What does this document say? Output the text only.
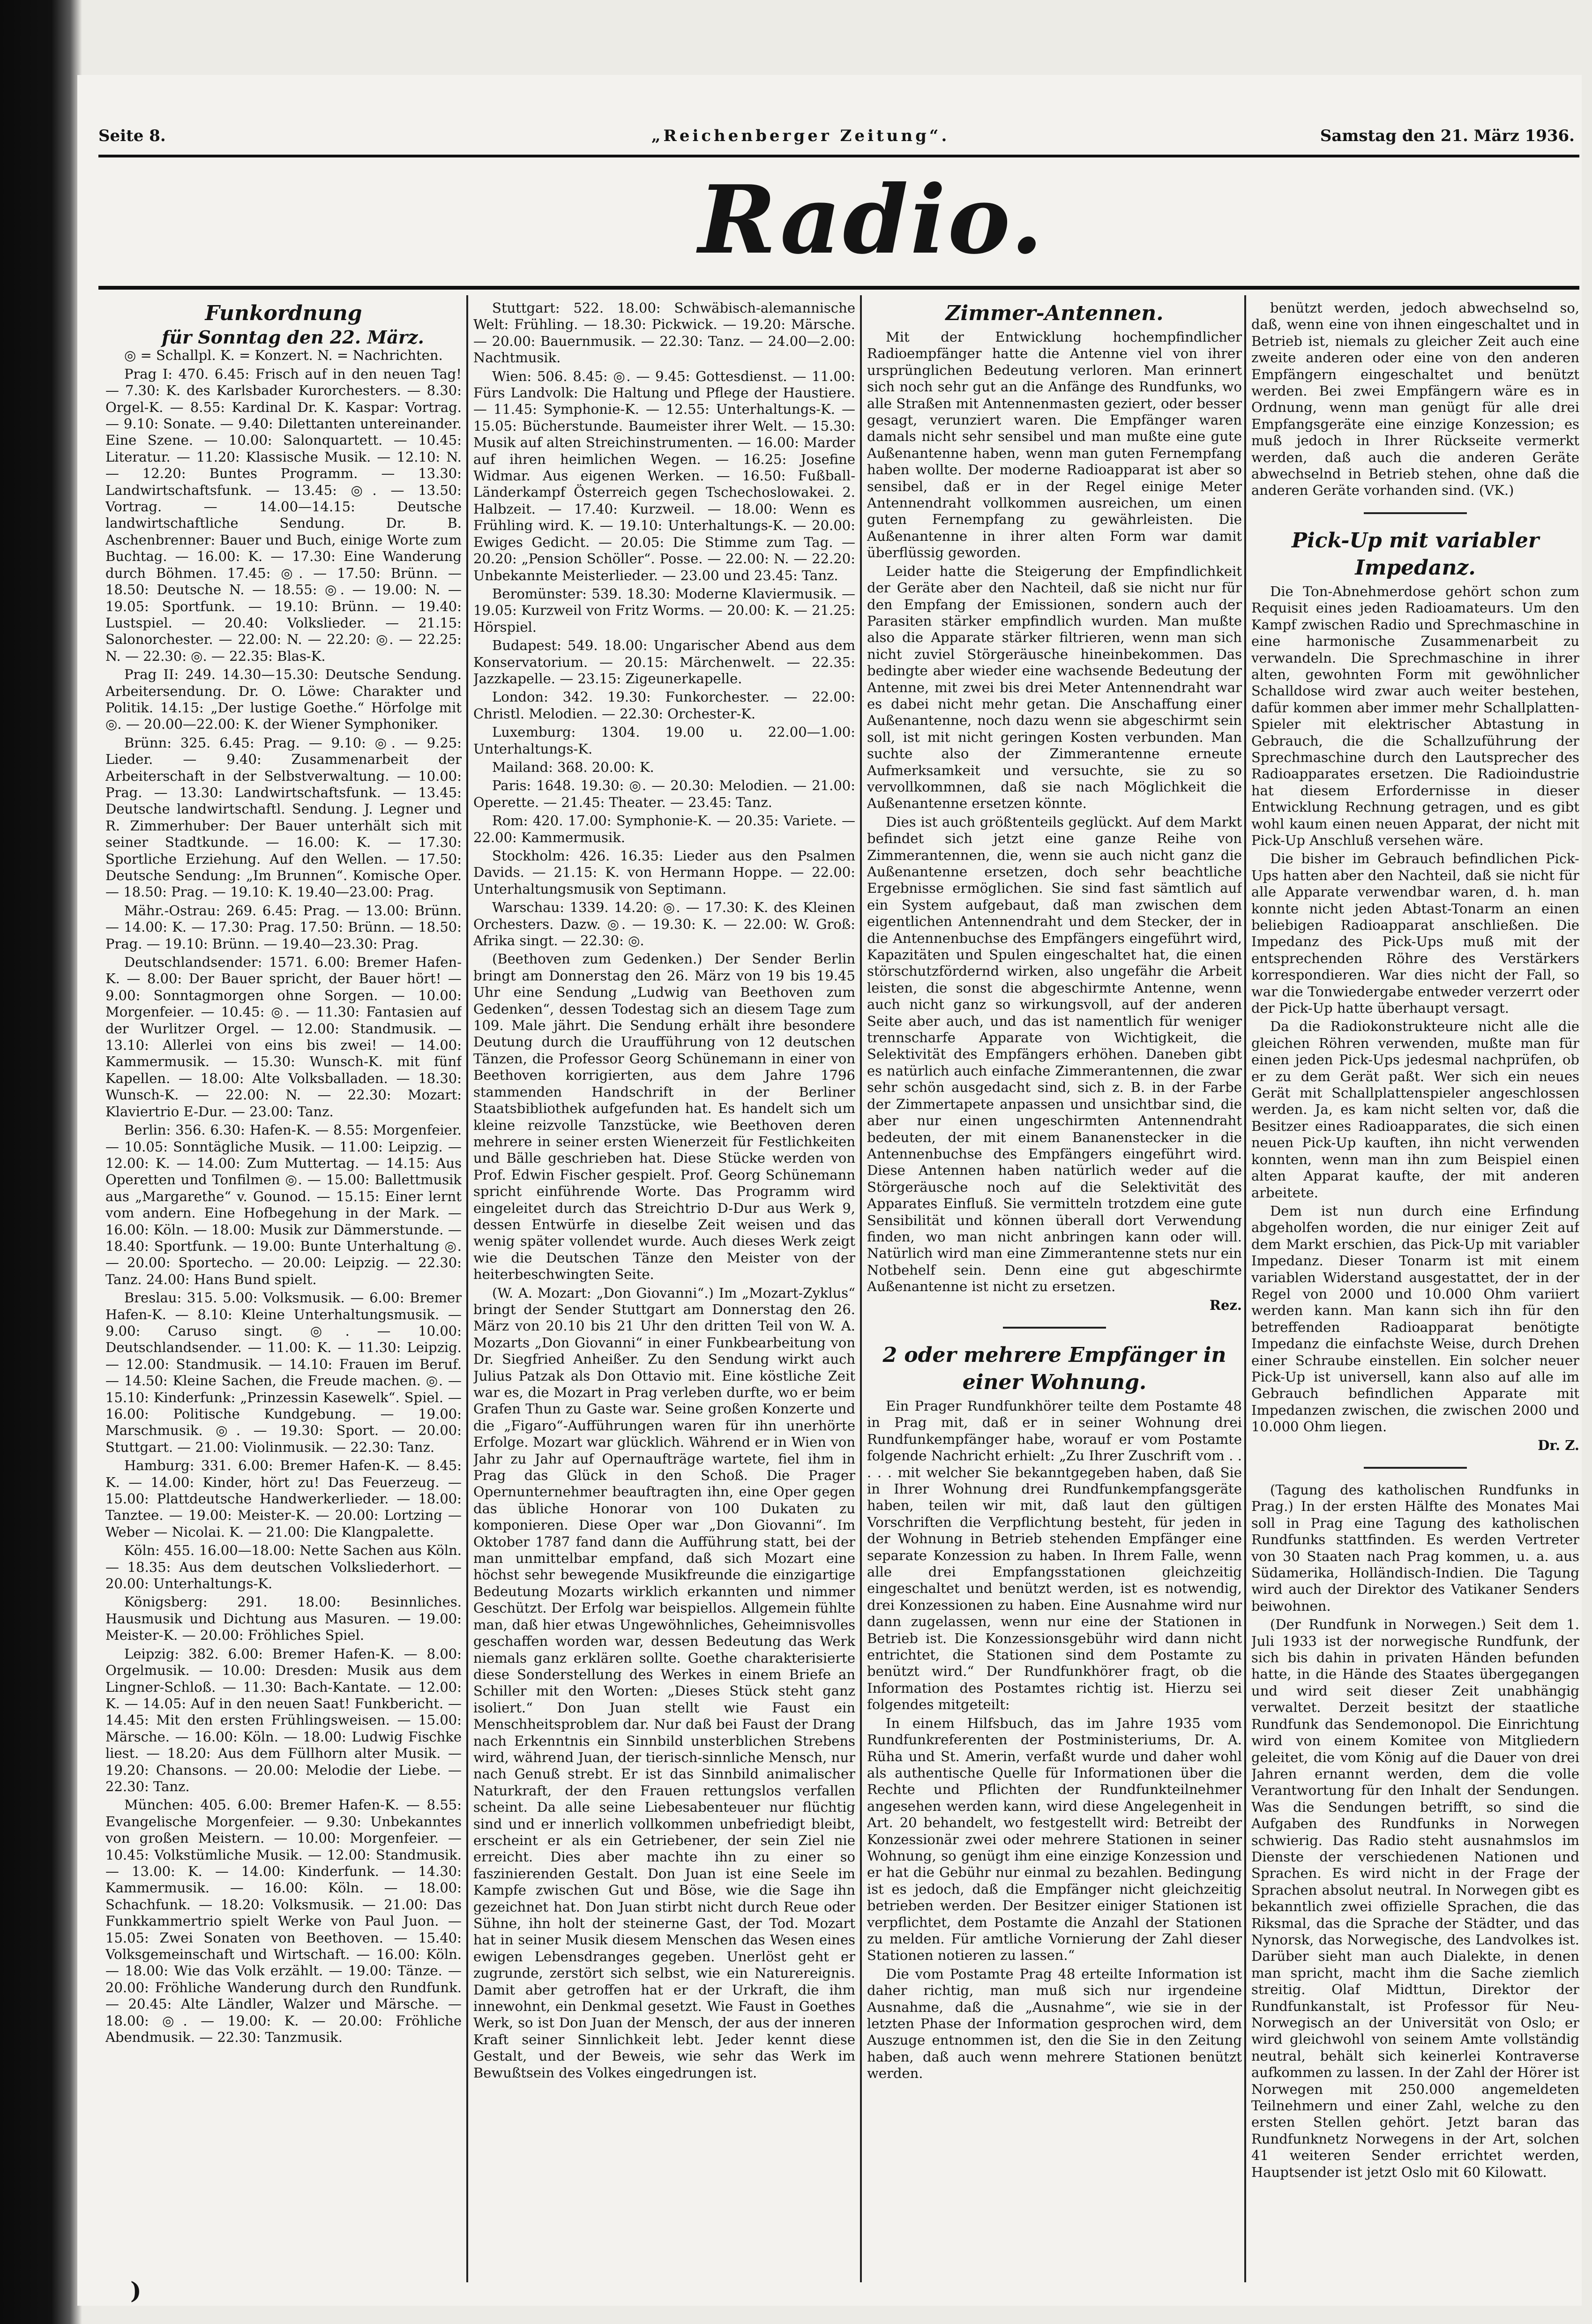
Seite 8.	„Reichenberger Zeitung“.	Samstag den 21. März 1936.
Radio.

Funkordnung

für Sonntag den 22. März.

◎ = Schallpl. K. = Konzert. N. = Nachrichten.

Prag I: 470. 6.45: Frisch auf in den neuen Tag! — 7.30: K. des Karlsbader Kurorchesters. — 8.30: Orgel-K. — 8.55: Kardinal Dr. K. Kaspar: Vortrag. — 9.10: Sonate. — 9.40: Dilettanten untereinander. Eine Szene. — 10.00: Salonquartett. — 10.45: Literatur. — 11.20: Klassische Musik. — 12.10: N. — 12.20: Buntes Programm. — 13.30: Landwirtschaftsfunk. — 13.45: ◎. — 13.50: Vortrag. — 14.00—14.15: Deutsche landwirtschaftliche Sendung. Dr. B. Aschenbrenner: Bauer und Buch, einige Worte zum Buchtag. — 16.00: K. — 17.30: Eine Wanderung durch Böhmen. 17.45: ◎. — 17.50: Brünn. — 18.50: Deutsche N. — 18.55: ◎. — 19.00: N. — 19.05: Sportfunk. — 19.10: Brünn. — 19.40: Lustspiel. — 20.40: Volkslieder. — 21.15: Salonorchester. — 22.00: N. — 22.20: ◎. — 22.25: N. — 22.30: ◎. — 22.35: Blas-K.

Prag II: 249. 14.30—15.30: Deutsche Sendung. Arbeitersendung. Dr. O. Löwe: Charakter und Politik. 14.15: „Der lustige Goethe.“ Hörfolge mit ◎. — 20.00—22.00: K. der Wiener Symphoniker.

Brünn: 325. 6.45: Prag. — 9.10: ◎. — 9.25: Lieder. — 9.40: Zusammenarbeit der Arbeiterschaft in der Selbstverwaltung. — 10.00: Prag. — 13.30: Landwirtschaftsfunk. — 13.45: Deutsche landwirtschaftl. Sendung. J. Legner und R. Zimmerhuber: Der Bauer unterhält sich mit seiner Stadtkunde. — 16.00: K. — 17.30: Sportliche Erziehung. Auf den Wellen. — 17.50: Deutsche Sendung: „Im Brunnen“. Komische Oper. — 18.50: Prag. — 19.10: K. 19.40—23.00: Prag.

Mähr.-Ostrau: 269. 6.45: Prag. — 13.00: Brünn. — 14.00: K. — 17.30: Prag. 17.50: Brünn. — 18.50: Prag. — 19.10: Brünn. — 19.40—23.30: Prag.

Deutschlandsender: 1571. 6.00: Bremer Hafen-K. — 8.00: Der Bauer spricht, der Bauer hört! — 9.00: Sonntagmorgen ohne Sorgen. — 10.00: Morgenfeier. — 10.45: ◎. — 11.30: Fantasien auf der Wurlitzer Orgel. — 12.00: Standmusik. — 13.10: Allerlei von eins bis zwei! — 14.00: Kammermusik. — 15.30: Wunsch-K. mit fünf Kapellen. — 18.00: Alte Volksballaden. — 18.30: Wunsch-K. — 22.00: N. — 22.30: Mozart: Klaviertrio E-Dur. — 23.00: Tanz.

Berlin: 356. 6.30: Hafen-K. — 8.55: Morgenfeier. — 10.05: Sonntägliche Musik. — 11.00: Leipzig. — 12.00: K. — 14.00: Zum Muttertag. — 14.15: Aus Operetten und Tonfilmen ◎. — 15.00: Ballettmusik aus „Margarethe“ v. Gounod. — 15.15: Einer lernt vom andern. Eine Hofbegehung in der Mark. — 16.00: Köln. — 18.00: Musik zur Dämmerstunde. — 18.40: Sportfunk. — 19.00: Bunte Unterhaltung ◎. — 20.00: Sportecho. — 20.00: Leipzig. — 22.30: Tanz. 24.00: Hans Bund spielt.

Breslau: 315. 5.00: Volksmusik. — 6.00: Bremer Hafen-K. — 8.10: Kleine Unterhaltungsmusik. — 9.00: Caruso singt. ◎. — 10.00: Deutschlandsender. — 11.00: K. — 11.30: Leipzig. — 12.00: Standmusik. — 14.10: Frauen im Beruf. — 14.50: Kleine Sachen, die Freude machen. ◎. — 15.10: Kinderfunk: „Prinzessin Kasewelk“. Spiel. — 16.00: Politische Kundgebung. — 19.00: Marschmusik. ◎. — 19.30: Sport. — 20.00: Stuttgart. — 21.00: Violinmusik. — 22.30: Tanz.

Hamburg: 331. 6.00: Bremer Hafen-K. — 8.45: K. — 14.00: Kinder, hört zu! Das Feuerzeug. — 15.00: Plattdeutsche Handwerkerlieder. — 18.00: Tanztee. — 19.00: Meister-K. — 20.00: Lortzing — Weber — Nicolai. K. — 21.00: Die Klangpalette.

Köln: 455. 16.00—18.00: Nette Sachen aus Köln. — 18.35: Aus dem deutschen Volksliederhort. — 20.00: Unterhaltungs-K.

Königsberg: 291. 18.00: Besinnliches. Hausmusik und Dichtung aus Masuren. — 19.00: Meister-K. — 20.00: Fröhliches Spiel.

Leipzig: 382. 6.00: Bremer Hafen-K. — 8.00: Orgelmusik. — 10.00: Dresden: Musik aus dem Lingner-Schloß. — 11.30: Bach-Kantate. — 12.00: K. — 14.05: Auf in den neuen Saat! Funkbericht. — 14.45: Mit den ersten Frühlingsweisen. — 15.00: Märsche. — 16.00: Köln. — 18.00: Ludwig Fischke liest. — 18.20: Aus dem Füllhorn alter Musik. — 19.20: Chansons. — 20.00: Melodie der Liebe. — 22.30: Tanz.

München: 405. 6.00: Bremer Hafen-K. — 8.55: Evangelische Morgenfeier. — 9.30: Unbekanntes von großen Meistern. — 10.00: Morgenfeier. — 10.45: Volkstümliche Musik. — 12.00: Standmusik. — 13.00: K. — 14.00: Kinderfunk. — 14.30: Kammermusik. — 16.00: Köln. — 18.00: Schachfunk. — 18.20: Volksmusik. — 21.00: Das Funkkammertrio spielt Werke von Paul Juon. — 15.05: Zwei Sonaten von Beethoven. — 15.40: Volksgemeinschaft und Wirtschaft. — 16.00: Köln. — 18.00: Wie das Volk erzählt. — 19.00: Tänze. — 20.00: Fröhliche Wanderung durch den Rundfunk. — 20.45: Alte Ländler, Walzer und Märsche. — 18.00: ◎. — 19.00: K. — 20.00: Fröhliche Abendmusik. — 22.30: Tanzmusik.

Stuttgart: 522. 18.00: Schwäbisch-alemannische Welt: Frühling. — 18.30: Pickwick. — 19.20: Märsche. — 20.00: Bauernmusik. — 22.30: Tanz. — 24.00—2.00: Nachtmusik.

Wien: 506. 8.45: ◎. — 9.45: Gottesdienst. — 11.00: Fürs Landvolk: Die Haltung und Pflege der Haustiere. — 11.45: Symphonie-K. — 12.55: Unterhaltungs-K. — 15.05: Bücherstunde. Baumeister ihrer Welt. — 15.30: Musik auf alten Streichinstrumenten. — 16.00: Marder auf ihren heimlichen Wegen. — 16.25: Josefine Widmar. Aus eigenen Werken. — 16.50: Fußball-Länderkampf Österreich gegen Tschechoslowakei. 2. Halbzeit. — 17.40: Kurzweil. — 18.00: Wenn es Frühling wird. K. — 19.10: Unterhaltungs-K. — 20.00: Ewiges Gedicht. — 20.05: Die Stimme zum Tag. — 20.20: „Pension Schöller“. Posse. — 22.00: N. — 22.20: Unbekannte Meisterlieder. — 23.00 und 23.45: Tanz.

Beromünster: 539. 18.30: Moderne Klaviermusik. — 19.05: Kurzweil von Fritz Worms. — 20.00: K. — 21.25: Hörspiel.

Budapest: 549. 18.00: Ungarischer Abend aus dem Konservatorium. — 20.15: Märchenwelt. — 22.35: Jazzkapelle. — 23.15: Zigeunerkapelle.

London: 342. 19.30: Funkorchester. — 22.00: Christl. Melodien. — 22.30: Orchester-K.

Luxemburg: 1304. 19.00 u. 22.00—1.00: Unterhaltungs-K.

Mailand: 368. 20.00: K.

Paris: 1648. 19.30: ◎. — 20.30: Melodien. — 21.00: Operette. — 21.45: Theater. — 23.45: Tanz.

Rom: 420. 17.00: Symphonie-K. — 20.35: Variete. — 22.00: Kammermusik.

Stockholm: 426. 16.35: Lieder aus den Psalmen Davids. — 21.15: K. von Hermann Hoppe. — 22.00: Unterhaltungsmusik von Septimann.

Warschau: 1339. 14.20: ◎. — 17.30: K. des Kleinen Orchesters. Dazw. ◎. — 19.30: K. — 22.00: W. Groß: Afrika singt. — 22.30: ◎.

(Beethoven zum Gedenken.) Der Sender Berlin bringt am Donnerstag den 26. März von 19 bis 19.45 Uhr eine Sendung „Ludwig van Beethoven zum Gedenken“, dessen Todestag sich an diesem Tage zum 109. Male jährt. Die Sendung erhält ihre besondere Deutung durch die Uraufführung von 12 deutschen Tänzen, die Professor Georg Schünemann in einer von Beethoven korrigierten, aus dem Jahre 1796 stammenden Handschrift in der Berliner Staatsbibliothek aufgefunden hat. Es handelt sich um kleine reizvolle Tanzstücke, wie Beethoven deren mehrere in seiner ersten Wienerzeit für Festlichkeiten und Bälle geschrieben hat. Diese Stücke werden von Prof. Edwin Fischer gespielt. Prof. Georg Schünemann spricht einführende Worte. Das Programm wird eingeleitet durch das Streichtrio D-Dur aus Werk 9, dessen Entwürfe in dieselbe Zeit weisen und das wenig später vollendet wurde. Auch dieses Werk zeigt wie die Deutschen Tänze den Meister von der heiterbeschwingten Seite.

(W. A. Mozart: „Don Giovanni“.) Im „Mozart-Zyklus“ bringt der Sender Stuttgart am Donnerstag den 26. März von 20.10 bis 21 Uhr den dritten Teil von W. A. Mozarts „Don Giovanni“ in einer Funkbearbeitung von Dr. Siegfried Anheißer. Zu den Sendung wirkt auch Julius Patzak als Don Ottavio mit. Eine köstliche Zeit war es, die Mozart in Prag verleben durfte, wo er beim Grafen Thun zu Gaste war. Seine großen Konzerte und die „Figaro“-Aufführungen waren für ihn unerhörte Erfolge. Mozart war glücklich. Während er in Wien von Jahr zu Jahr auf Opernaufträge wartete, fiel ihm in Prag das Glück in den Schoß. Die Prager Opernunternehmer beauftragten ihn, eine Oper gegen das übliche Honorar von 100 Dukaten zu komponieren. Diese Oper war „Don Giovanni“. Im Oktober 1787 fand dann die Aufführung statt, bei der man unmittelbar empfand, daß sich Mozart eine höchst sehr bewegende Musikfreunde die einzigartige Bedeutung Mozarts wirklich erkannten und nimmer Geschützt. Der Erfolg war beispiellos. Allgemein fühlte man, daß hier etwas Ungewöhnliches, Geheimnisvolles geschaffen worden war, dessen Bedeutung das Werk niemals ganz erklären sollte. Goethe charakterisierte diese Sonderstellung des Werkes in einem Briefe an Schiller mit den Worten: „Dieses Stück steht ganz isoliert.“ Don Juan stellt wie Faust ein Menschheitsproblem dar. Nur daß bei Faust der Drang nach Erkenntnis ein Sinnbild unsterblichen Strebens wird, während Juan, der tierisch-sinnliche Mensch, nur nach Genuß strebt. Er ist das Sinnbild animalischer Naturkraft, der den Frauen rettungslos verfallen scheint. Da alle seine Liebesabenteuer nur flüchtig sind und er innerlich vollkommen unbefriedigt bleibt, erscheint er als ein Getriebener, der sein Ziel nie erreicht. Dies aber machte ihn zu einer so faszinierenden Gestalt. Don Juan ist eine Seele im Kampfe zwischen Gut und Böse, wie die Sage ihn gezeichnet hat. Don Juan stirbt nicht durch Reue oder Sühne, ihn holt der steinerne Gast, der Tod. Mozart hat in seiner Musik diesem Menschen das Wesen eines ewigen Lebensdranges gegeben. Unerlöst geht er zugrunde, zerstört sich selbst, wie ein Naturereignis. Damit aber getroffen hat er der Urkraft, die ihm innewohnt, ein Denkmal gesetzt. Wie Faust in Goethes Werk, so ist Don Juan der Mensch, der aus der inneren Kraft seiner Sinnlichkeit lebt. Jeder kennt diese Gestalt, und der Beweis, wie sehr das Werk im Bewußtsein des Volkes eingedrungen ist.

Zimmer-Antennen.

Mit der Entwicklung hochempfindlicher Radioempfänger hatte die Antenne viel von ihrer ursprünglichen Bedeutung verloren. Man erinnert sich noch sehr gut an die Anfänge des Rundfunks, wo alle Straßen mit Antennenmasten geziert, oder besser gesagt, verunziert waren. Die Empfänger waren damals nicht sehr sensibel und man mußte eine gute Außenantenne haben, wenn man guten Fernempfang haben wollte. Der moderne Radioapparat ist aber so sensibel, daß er in der Regel einige Meter Antennendraht vollkommen ausreichen, um einen guten Fernempfang zu gewährleisten. Die Außenantenne in ihrer alten Form war damit überflüssig geworden.

Leider hatte die Steigerung der Empfindlichkeit der Geräte aber den Nachteil, daß sie nicht nur für den Empfang der Emissionen, sondern auch der Parasiten stärker empfindlich wurden. Man mußte also die Apparate stärker filtrieren, wenn man sich nicht zuviel Störgeräusche hineinbekommen. Das bedingte aber wieder eine wachsende Bedeutung der Antenne, mit zwei bis drei Meter Antennendraht war es dabei nicht mehr getan. Die Anschaffung einer Außenantenne, noch dazu wenn sie abgeschirmt sein soll, ist mit nicht geringen Kosten verbunden. Man suchte also der Zimmerantenne erneute Aufmerksamkeit und versuchte, sie zu so vervollkommnen, daß sie nach Möglichkeit die Außenantenne ersetzen könnte.

Dies ist auch größtenteils geglückt. Auf dem Markt befindet sich jetzt eine ganze Reihe von Zimmerantennen, die, wenn sie auch nicht ganz die Außenantenne ersetzen, doch sehr beachtliche Ergebnisse ermöglichen. Sie sind fast sämtlich auf ein System aufgebaut, daß man zwischen dem eigentlichen Antennendraht und dem Stecker, der in die Antennenbuchse des Empfängers eingeführt wird, Kapazitäten und Spulen eingeschaltet hat, die einen störschutzfördernd wirken, also ungefähr die Arbeit leisten, die sonst die abgeschirmte Antenne, wenn auch nicht ganz so wirkungsvoll, auf der anderen Seite aber auch, und das ist namentlich für weniger trennscharfe Apparate von Wichtigkeit, die Selektivität des Empfängers erhöhen. Daneben gibt es natürlich auch einfache Zimmerantennen, die zwar sehr schön ausgedacht sind, sich z. B. in der Farbe der Zimmertapete anpassen und unsichtbar sind, die aber nur einen ungeschirmten Antennendraht bedeuten, der mit einem Bananenstecker in die Antennenbuchse des Empfängers eingeführt wird. Diese Antennen haben natürlich weder auf die Störgeräusche noch auf die Selektivität des Apparates Einfluß. Sie vermitteln trotzdem eine gute Sensibilität und können überall dort Verwendung finden, wo man nicht anbringen kann oder will. Natürlich wird man eine Zimmerantenne stets nur ein Notbehelf sein. Denn eine gut abgeschirmte Außenantenne ist nicht zu ersetzen.

Rez.

2 oder mehrere Empfänger in einer Wohnung.

Ein Prager Rundfunkhörer teilte dem Postamte 48 in Prag mit, daß er in seiner Wohnung drei Rundfunkempfänger habe, worauf er vom Postamte folgende Nachricht erhielt: „Zu Ihrer Zuschrift vom . . . . . mit welcher Sie bekanntgegeben haben, daß Sie in Ihrer Wohnung drei Rundfunkempfangsgeräte haben, teilen wir mit, daß laut den gültigen Vorschriften die Verpflichtung besteht, für jeden in der Wohnung in Betrieb stehenden Empfänger eine separate Konzession zu haben. In Ihrem Falle, wenn alle drei Empfangsstationen gleichzeitig eingeschaltet und benützt werden, ist es notwendig, drei Konzessionen zu haben. Eine Ausnahme wird nur dann zugelassen, wenn nur eine der Stationen in Betrieb ist. Die Konzessionsgebühr wird dann nicht entrichtet, die Stationen sind dem Postamte zu benützt wird.“ Der Rundfunkhörer fragt, ob die Information des Postamtes richtig ist. Hierzu sei folgendes mitgeteilt:

In einem Hilfsbuch, das im Jahre 1935 vom Rundfunkreferenten der Postministeriums, Dr. A. Rüha und St. Amerin, verfaßt wurde und daher wohl als authentische Quelle für Informationen über die Rechte und Pflichten der Rundfunkteilnehmer angesehen werden kann, wird diese Angelegenheit in Art. 20 behandelt, wo festgestellt wird: Betreibt der Konzessionär zwei oder mehrere Stationen in seiner Wohnung, so genügt ihm eine einzige Konzession und er hat die Gebühr nur einmal zu bezahlen. Bedingung ist es jedoch, daß die Empfänger nicht gleichzeitig betrieben werden. Der Besitzer einiger Stationen ist verpflichtet, dem Postamte die Anzahl der Stationen zu melden. Für amtliche Vornierung der Zahl dieser Stationen notieren zu lassen.“

Die vom Postamte Prag 48 erteilte Information ist daher richtig, man muß sich nur irgendeine Ausnahme, daß die „Ausnahme“, wie sie in der letzten Phase der Information gesprochen wird, dem Auszuge entnommen ist, den die Sie in den Zeitung haben, daß auch wenn mehrere Stationen benützt werden.

benützt werden, jedoch abwechselnd so, daß, wenn eine von ihnen eingeschaltet und in Betrieb ist, niemals zu gleicher Zeit auch eine zweite anderen oder eine von den anderen Empfängern eingeschaltet und benützt werden. Bei zwei Empfängern wäre es in Ordnung, wenn man genügt für alle drei Empfangsgeräte eine einzige Konzession; es muß jedoch in Ihrer Rückseite vermerkt werden, daß auch die anderen Geräte abwechselnd in Betrieb stehen, ohne daß die anderen Geräte vorhanden sind. (VK.)

Pick-Up mit variabler Impedanz.

Die Ton-Abnehmerdose gehört schon zum Requisit eines jeden Radioamateurs. Um den Kampf zwischen Radio und Sprechmaschine in eine harmonische Zusammenarbeit zu verwandeln. Die Sprechmaschine in ihrer alten, gewohnten Form mit gewöhnlicher Schalldose wird zwar auch weiter bestehen, dafür kommen aber immer mehr Schallplatten-Spieler mit elektrischer Abtastung in Gebrauch, die die Schallzuführung der Sprechmaschine durch den Lautsprecher des Radioapparates ersetzen. Die Radioindustrie hat diesem Erfordernisse in dieser Entwicklung Rechnung getragen, und es gibt wohl kaum einen neuen Apparat, der nicht mit Pick-Up Anschluß versehen wäre.

Die bisher im Gebrauch befindlichen Pick-Ups hatten aber den Nachteil, daß sie nicht für alle Apparate verwendbar waren, d. h. man konnte nicht jeden Abtast-Tonarm an einen beliebigen Radioapparat anschließen. Die Impedanz des Pick-Ups muß mit der entsprechenden Röhre des Verstärkers korrespondieren. War dies nicht der Fall, so war die Tonwiedergabe entweder verzerrt oder der Pick-Up hatte überhaupt versagt.

Da die Radiokonstrukteure nicht alle die gleichen Röhren verwenden, mußte man für einen jeden Pick-Ups jedesmal nachprüfen, ob er zu dem Gerät paßt. Wer sich ein neues Gerät mit Schallplattenspieler angeschlossen werden. Ja, es kam nicht selten vor, daß die Besitzer eines Radioapparates, die sich einen neuen Pick-Up kauften, ihn nicht verwenden konnten, wenn man ihn zum Beispiel einen alten Apparat kaufte, der mit anderen arbeitete.

Dem ist nun durch eine Erfindung abgeholfen worden, die nur einiger Zeit auf dem Markt erschien, das Pick-Up mit variabler Impedanz. Dieser Tonarm ist mit einem variablen Widerstand ausgestattet, der in der Regel von 2000 und 10.000 Ohm variiert werden kann. Man kann sich ihn für den betreffenden Radioapparat benötigte Impedanz die einfachste Weise, durch Drehen einer Schraube einstellen. Ein solcher neuer Pick-Up ist universell, kann also auf alle im Gebrauch befindlichen Apparate mit Impedanzen zwischen, die zwischen 2000 und 10.000 Ohm liegen.

Dr. Z.

(Tagung des katholischen Rundfunks in Prag.) In der ersten Hälfte des Monates Mai soll in Prag eine Tagung des katholischen Rundfunks stattfinden. Es werden Vertreter von 30 Staaten nach Prag kommen, u. a. aus Südamerika, Holländisch-Indien. Die Tagung wird auch der Direktor des Vatikaner Senders beiwohnen.

(Der Rundfunk in Norwegen.) Seit dem 1. Juli 1933 ist der norwegische Rundfunk, der sich bis dahin in privaten Händen befunden hatte, in die Hände des Staates übergegangen und wird seit dieser Zeit unabhängig verwaltet. Derzeit besitzt der staatliche Rundfunk das Sendemonopol. Die Einrichtung wird von einem Komitee von Mitgliedern geleitet, die vom König auf die Dauer von drei Jahren ernannt werden, dem die volle Verantwortung für den Inhalt der Sendungen. Was die Sendungen betrifft, so sind die Aufgaben des Rundfunks in Norwegen schwierig. Das Radio steht ausnahmslos im Dienste der verschiedenen Nationen und Sprachen. Es wird nicht in der Frage der Sprachen absolut neutral. In Norwegen gibt es bekanntlich zwei offizielle Sprachen, die das Riksmal, das die Sprache der Städter, und das Nynorsk, das Norwegische, des Landvolkes ist. Darüber sieht man auch Dialekte, in denen man spricht, macht ihm die Sache ziemlich streitig. Olaf Midttun, Direktor der Rundfunkanstalt, ist Professor für Neu-Norwegisch an der Universität von Oslo; er wird gleichwohl von seinem Amte vollständig neutral, behält sich keinerlei Kontraverse aufkommen zu lassen. In der Zahl der Hörer ist Norwegen mit 250.000 angemeldeten Teilnehmern und einer Zahl, welche zu den ersten Stellen gehört. Jetzt baran das Rundfunknetz Norwegens in der Art, solchen 41 weiteren Sender errichtet werden, Hauptsender ist jetzt Oslo mit 60 Kilowatt.

)
